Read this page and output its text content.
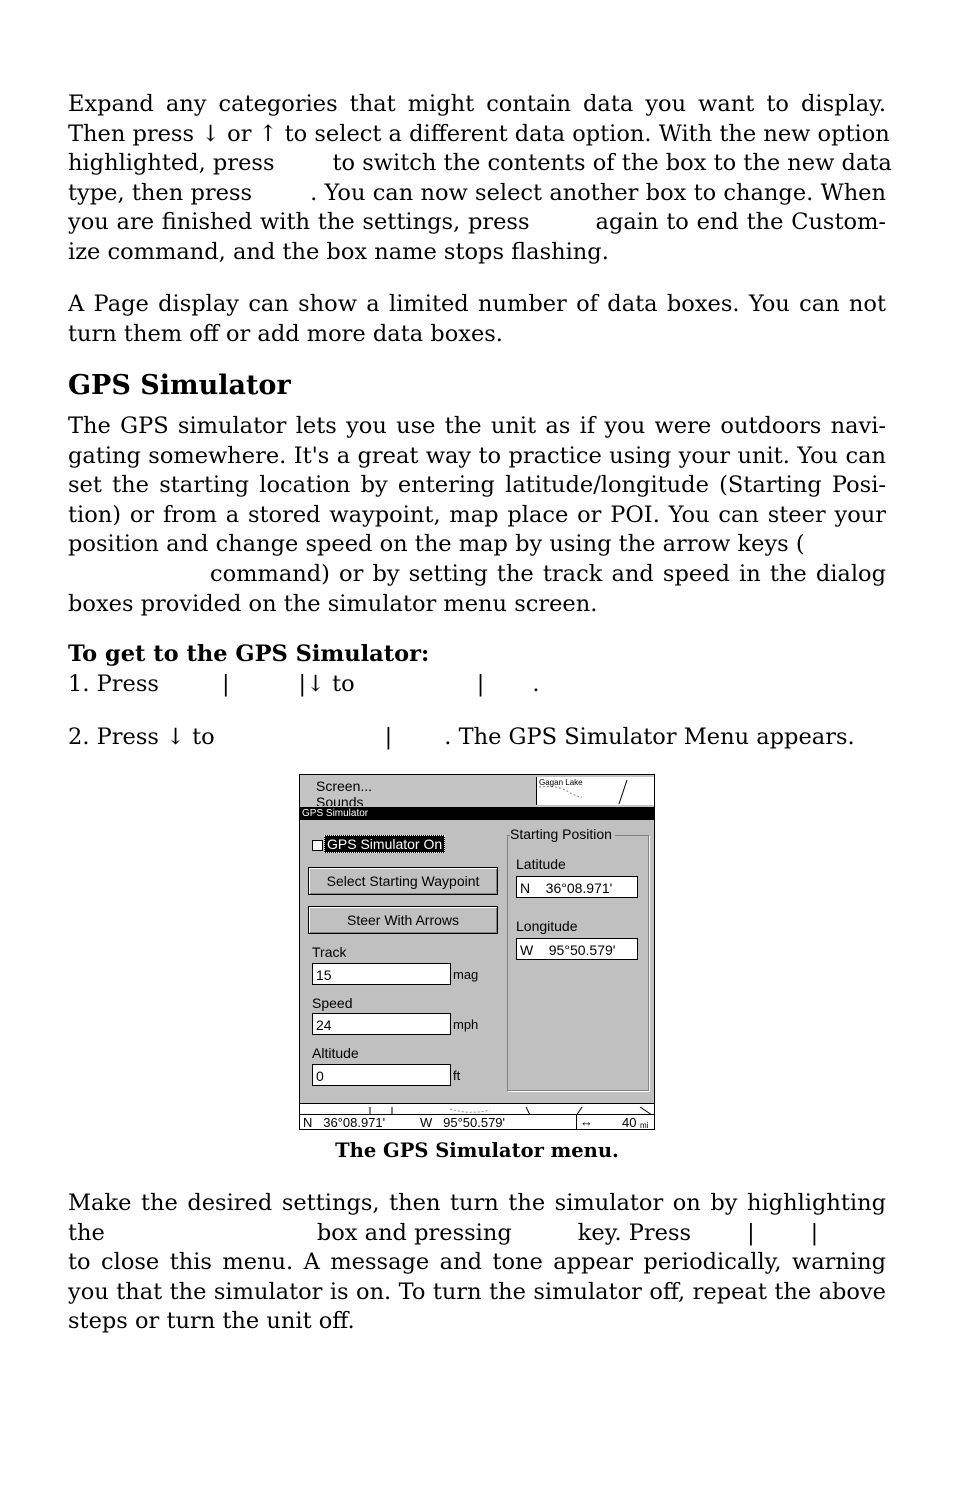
Expand any categories that might contain data you want to display.
Then press ↓ or ↑ to select a different data option. With the new option
highlighted, press	to switch the contents of the box to the new data
type, then press	. You can now select another box to change. When
you are finished with the settings, press	again to end the Custom-
ize command, and the box name stops flashing.
A Page display can show a limited number of data boxes. You can not
turn them off or add more data boxes.
GPS Simulator
The GPS simulator lets you use the unit as if you were outdoors navi-
gating somewhere. It's a great way to practice using your unit. You can
set the starting location by entering latitude/longitude (Starting Posi-
tion) or from a stored waypoint, map place or POI. You can steer your
position and change speed on the map by using the arrow keys (
command) or by setting the track and speed in the dialog
boxes provided on the simulator menu screen.
To get to the GPS Simulator:
1. Press	|	|↓ to	| .
2. Press ↓ to	| . The GPS Simulator Menu appears.
Screen...
Sounds
Gagan Lake
GPS Simulator
GPS Simulator On
Select Starting Waypoint
Steer With Arrows
Track
15	mag
Speed
24	mph
Altitude
0	ft
Starting Position
Latitude
N    36°08.971'
Longitude
W    95°50.579'
N   36°08.971'	W   95°50.579'	↔ 40 mi
The GPS Simulator menu.
Make the desired settings, then turn the simulator on by highlighting
the	box and pressing	key. Press | |
to close this menu. A message and tone appear periodically, warning
you that the simulator is on. To turn the simulator off, repeat the above
steps or turn the unit off.
